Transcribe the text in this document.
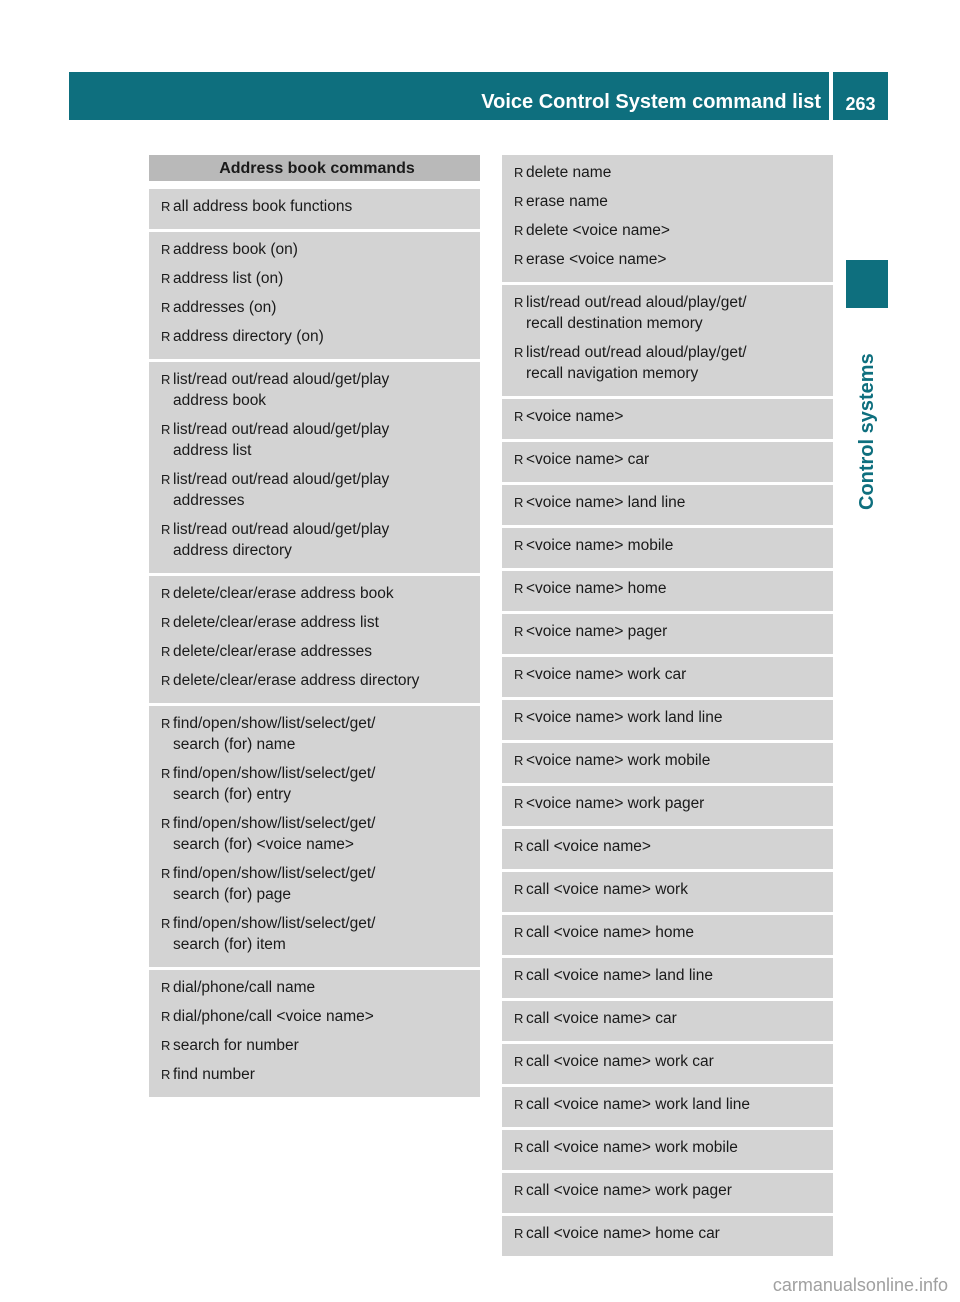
Voice Control System command list	263
Control systems
Address book commands
R all address book functions
R address book (on)
R address list (on)
R addresses (on)
R address directory (on)
R list/read out/read aloud/get/play
address book
R list/read out/read aloud/get/play
address list
R list/read out/read aloud/get/play
addresses
R list/read out/read aloud/get/play
address directory
R delete/clear/erase address book
R delete/clear/erase address list
R delete/clear/erase addresses
R delete/clear/erase address directory
R find/open/show/list/select/get/
search (for) name
R find/open/show/list/select/get/
search (for) entry
R find/open/show/list/select/get/
search (for) <voice name>
R find/open/show/list/select/get/
search (for) page
R find/open/show/list/select/get/
search (for) item
R dial/phone/call name
R dial/phone/call <voice name>
R search for number
R find number
R delete name
R erase name
R delete <voice name>
R erase <voice name>
R list/read out/read aloud/play/get/
recall destination memory
R list/read out/read aloud/play/get/
recall navigation memory
R <voice name>
R <voice name> car
R <voice name> land line
R <voice name> mobile
R <voice name> home
R <voice name> pager
R <voice name> work car
R <voice name> work land line
R <voice name> work mobile
R <voice name> work pager
R call <voice name>
R call <voice name> work
R call <voice name> home
R call <voice name> land line
R call <voice name> car
R call <voice name> work car
R call <voice name> work land line
R call <voice name> work mobile
R call <voice name> work pager
R call <voice name> home car
carmanualsonline.info
